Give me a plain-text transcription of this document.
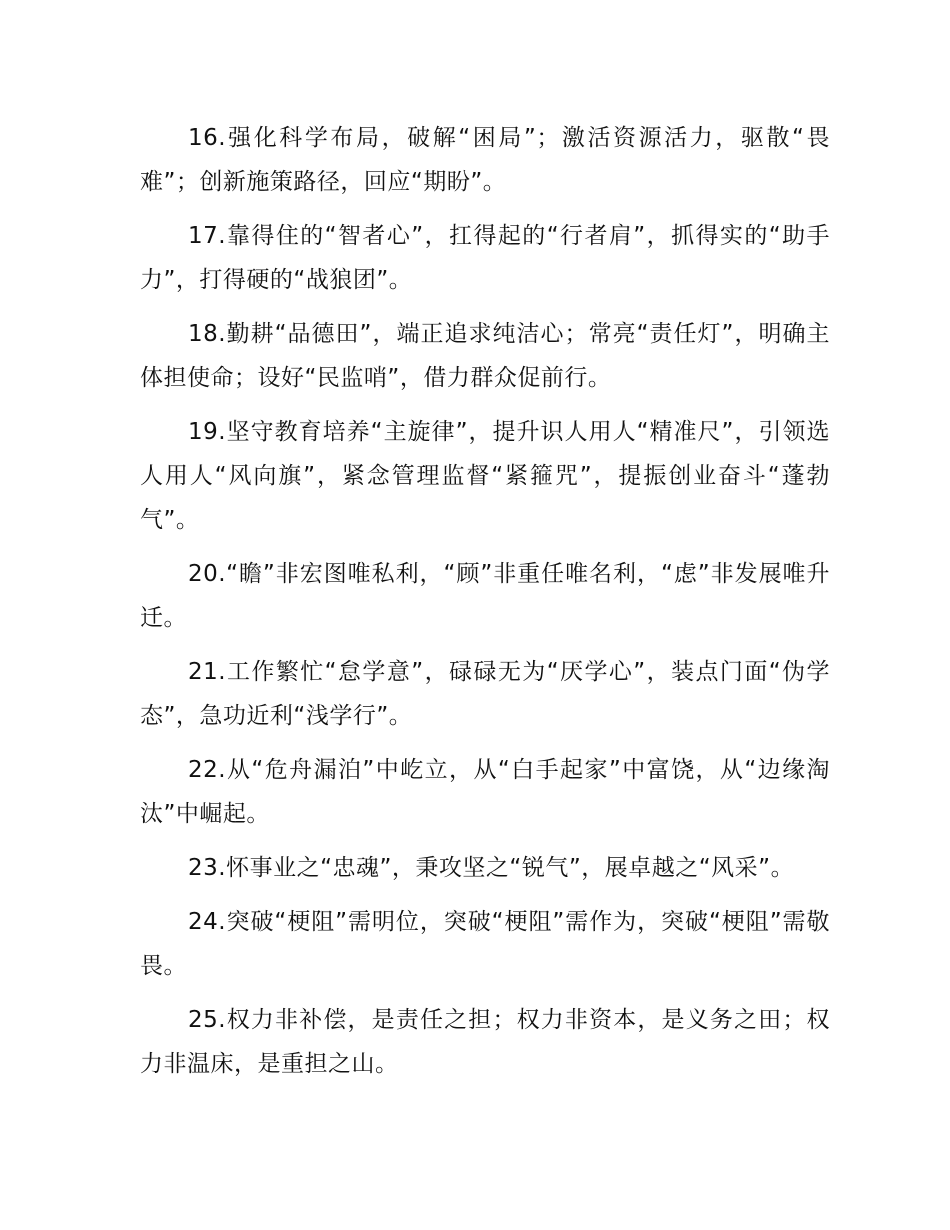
16.强化科学布局，破解“困局”；激活资源活力，驱散“畏难”；创新施策路径，回应“期盼”。

17.靠得住的“智者心”，扛得起的“行者肩”，抓得实的“助手力”，打得硬的“战狼团”。

18.勤耕“品德田”，端正追求纯洁心；常亮“责任灯”，明确主体担使命；设好“民监哨”，借力群众促前行。

19.坚守教育培养“主旋律”，提升识人用人“精准尺”，引领选人用人“风向旗”，紧念管理监督“紧箍咒”，提振创业奋斗“蓬勃气”。

20.“瞻”非宏图唯私利，“顾”非重任唯名利，“虑”非发展唯升迁。

21.工作繁忙“怠学意”，碌碌无为“厌学心”，装点门面“伪学态”，急功近利“浅学行”。

22.从“危舟漏泊”中屹立，从“白手起家”中富饶，从“边缘淘汰”中崛起。

23.怀事业之“忠魂”，秉攻坚之“锐气”，展卓越之“风采”。

24.突破“梗阻”需明位，突破“梗阻”需作为，突破“梗阻”需敬畏。

25.权力非补偿，是责任之担；权力非资本，是义务之田；权力非温床，是重担之山。
